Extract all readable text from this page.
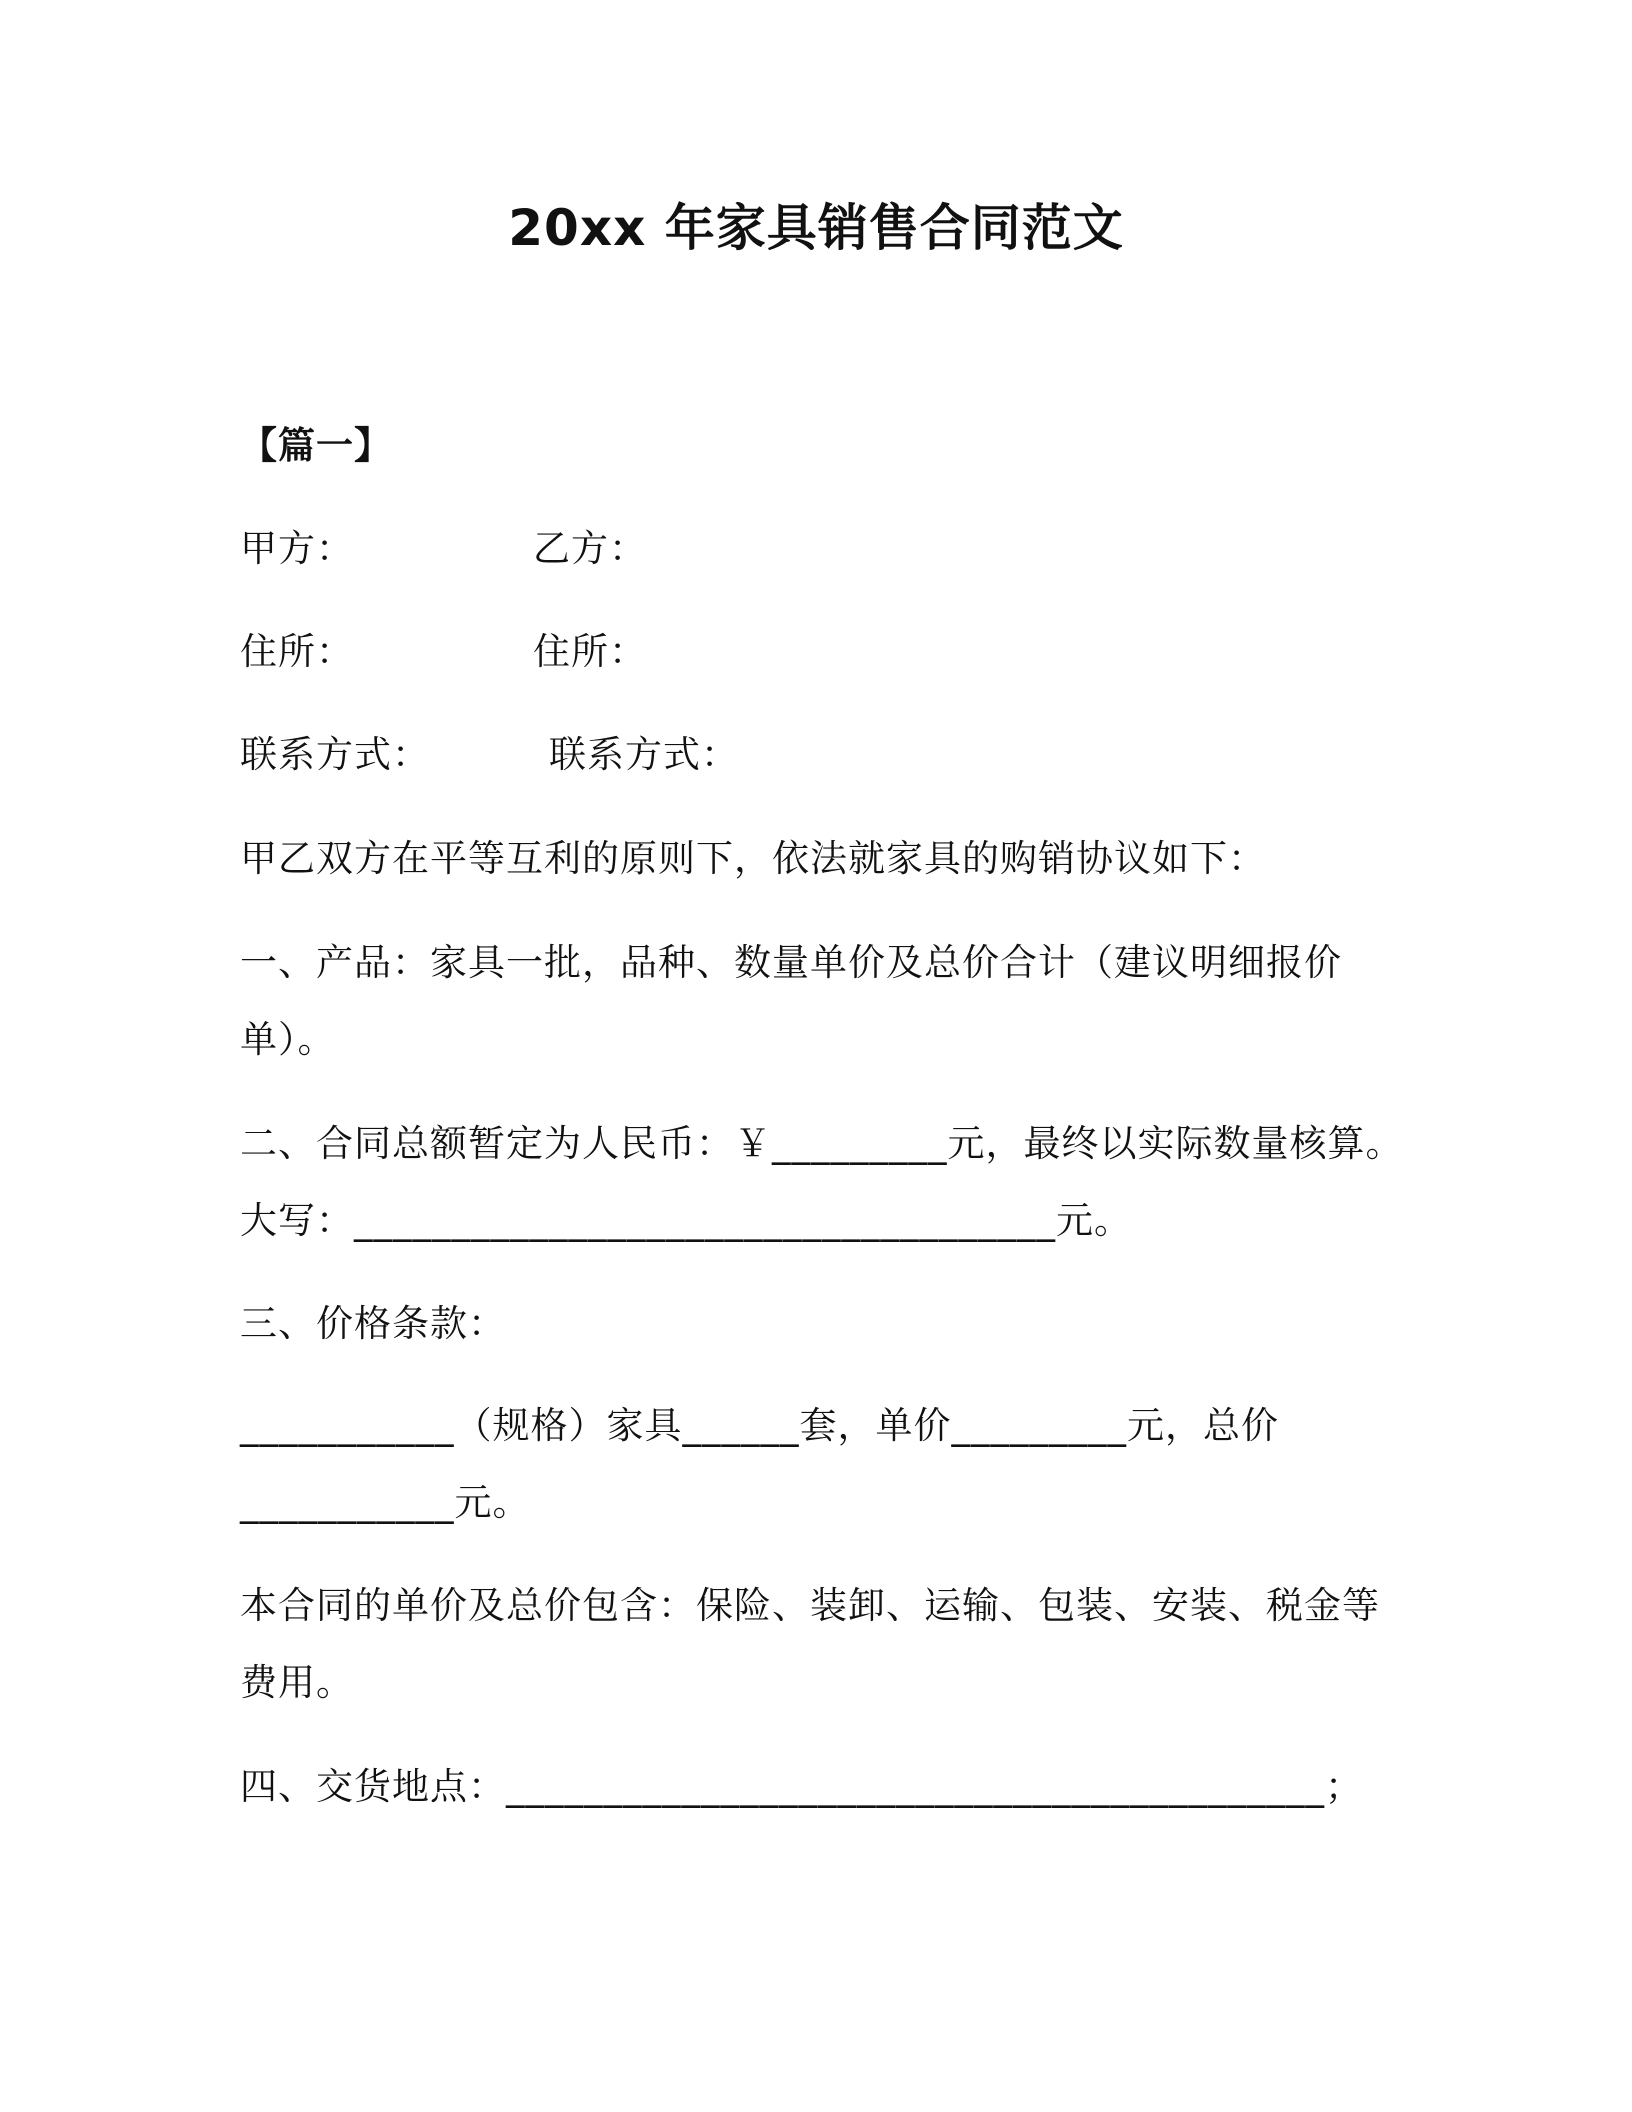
20xx 年家具销售合同范文
【篇一】
甲方：	乙方：
住所：	住所：
联系方式：	联系方式：
甲乙双方在平等互利的原则下，依法就家具的购销协议如下：
一、产品：家具一批，品种、数量单价及总价合计（建议明细报价
单）。
二、合同总额暂定为人民币：￥_________元，最终以实际数量核算。
大写：____________________________________元。
三、价格条款：
___________（规格）家具______套，单价_________元，总价
___________元。
本合同的单价及总价包含：保险、装卸、运输、包装、安装、税金等
费用。
四、交货地点：__________________________________________；
